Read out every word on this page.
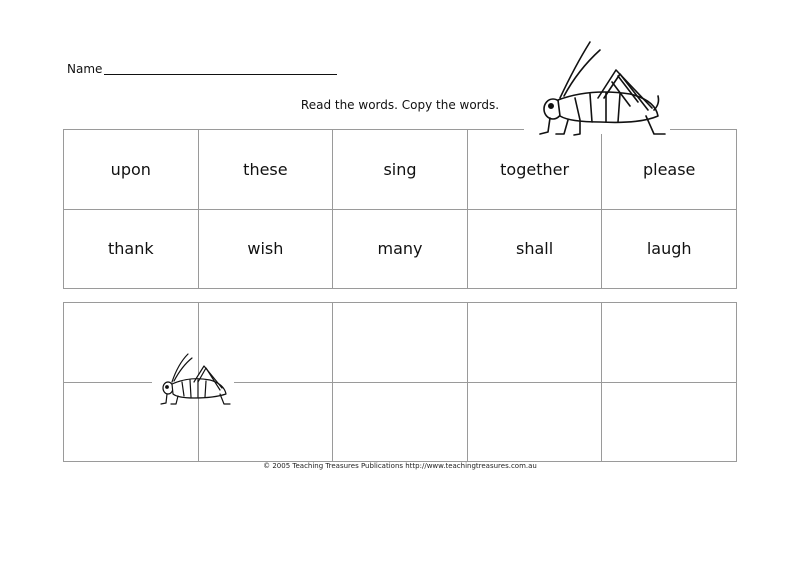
Name
Read the words. Copy the words.
upon	these	sing	together	please
thank	wish	many	shall	laugh

© 2005 Teaching Treasures Publications http://www.teachingtreasures.com.au
